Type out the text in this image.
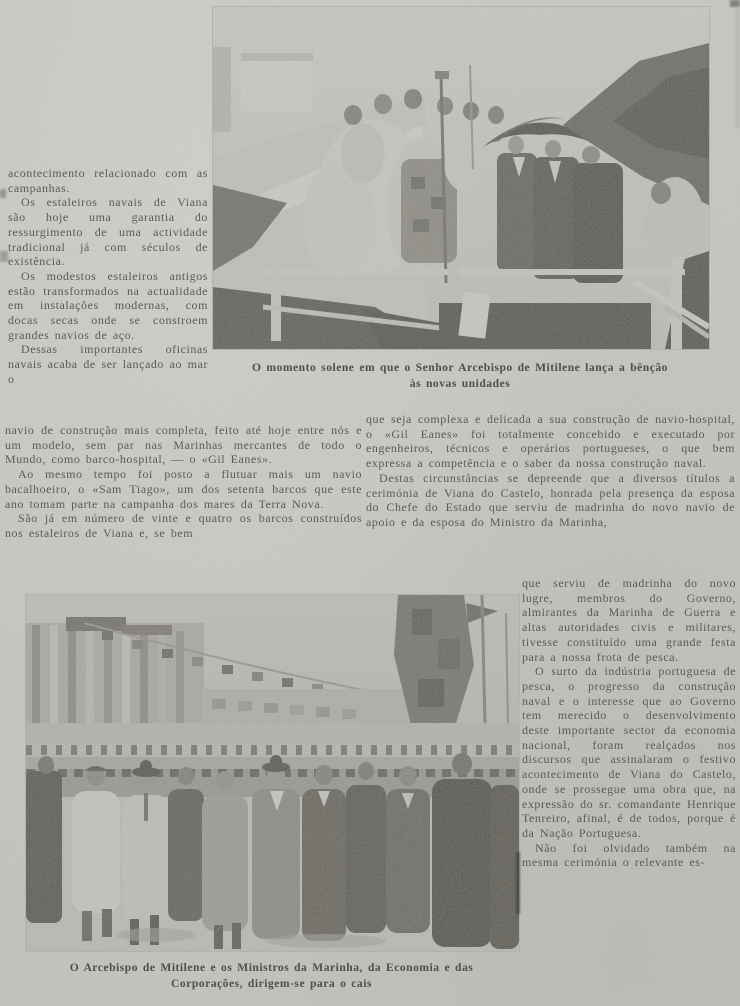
O momento solene em que o Senhor Arcebispo de Mitilene lança a bênção às novas unidades

acontecimento relacionado com as campanhas.

Os estaleiros navais de Viana são hoje uma garantia do ressurgimento de uma actividade tradicional já com séculos de existência.

Os modestos estaleiros antigos estão transformados na actualidade em instalações modernas, com docas secas onde se constroem grandes navios de aço.

Dessas importantes oficinas navais acaba de ser lançado ao mar o

navio de construção mais completa, feito até hoje entre nós e um modelo, sem par nas Marinhas mercantes de todo o Mundo, como barco-hospital, — o «Gil Eanes».

Ao mesmo tempo foi posto a flutuar mais um navio bacalhoeiro, o «Sam Tiago», um dos setenta barcos que este ano tomam parte na campanha dos mares da Terra Nova.

São já em número de vinte e quatro os barcos construídos nos estaleiros de Viana e, se bem

que seja complexa e delicada a sua construção de navio-hospital, o «Gil Eanes» foi totalmente concebido e executado por engenheiros, técnicos e operários portugueses, o que bem expressa a competência e o saber da nossa construção naval.

Destas circunstâncias se depreende que a diversos títulos a cerimónia de Viana do Castelo, honrada pela presença da esposa do Chefe do Estado que serviu de madrinha do novo navio de apoio e da esposa do Ministro da Marinha,

que serviu de madrinha do novo lugre, membros do Governo, almirantes da Marinha de Guerra e altas autoridades civis e militares, tivesse constituído uma grande festa para a nossa frota de pesca.

O surto da indústria portuguesa de pesca, o progresso da construção naval e o interesse que ao Governo tem merecido o desenvolvimento deste importante sector da economia nacional, foram realçados nos discursos que assinalaram o festivo acontecimento de Viana do Castelo, onde se prossegue uma obra que, na expressão do sr. comandante Henrique Tenreiro, afinal, é de todos, porque é da Nação Portuguesa.

Não foi olvidado também na mesma cerimónia o relevante es-

O Arcebispo de Mitilene e os Ministros da Marinha, da Economia e das Corporações, dirigem-se para o cais
